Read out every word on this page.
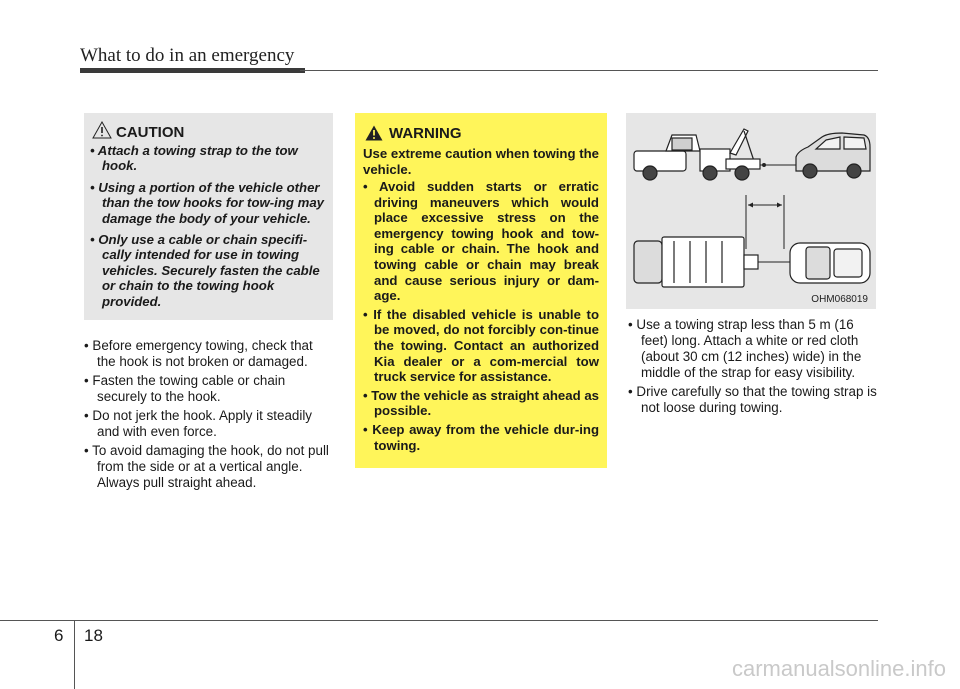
What to do in an emergency
CAUTION
• Attach a towing strap to the tow hook.
• Using a portion of the vehicle other than the tow hooks for tow-ing may damage the body of your vehicle.
• Only use a cable or chain specifi-cally intended for use in towing vehicles. Securely fasten the cable or chain to the towing hook provided.
• Before emergency towing, check that the hook is not broken or damaged.
• Fasten the towing cable or chain securely to the hook.
• Do not jerk the hook. Apply it steadily and with even force.
• To avoid damaging the hook, do not pull from the side or at a vertical angle. Always pull straight ahead.
WARNING
Use extreme caution when towing the vehicle.
• Avoid sudden starts or erratic driving maneuvers which would place excessive stress on the emergency towing hook and tow-ing cable or chain. The hook and towing cable or chain may break and cause serious injury or dam-age.
• If the disabled vehicle is unable to be moved, do not forcibly con-tinue the towing. Contact an authorized Kia dealer or a com-mercial tow truck service for assistance.
• Tow the vehicle as straight ahead as possible.
• Keep away from the vehicle dur-ing towing.
OHM068019
• Use a towing strap less than 5 m (16 feet) long. Attach a white or red cloth (about 30 cm (12 inches) wide) in the middle of the strap for easy visibility.
• Drive carefully so that the towing strap is not loose during towing.
6 18
carmanualsonline.info
